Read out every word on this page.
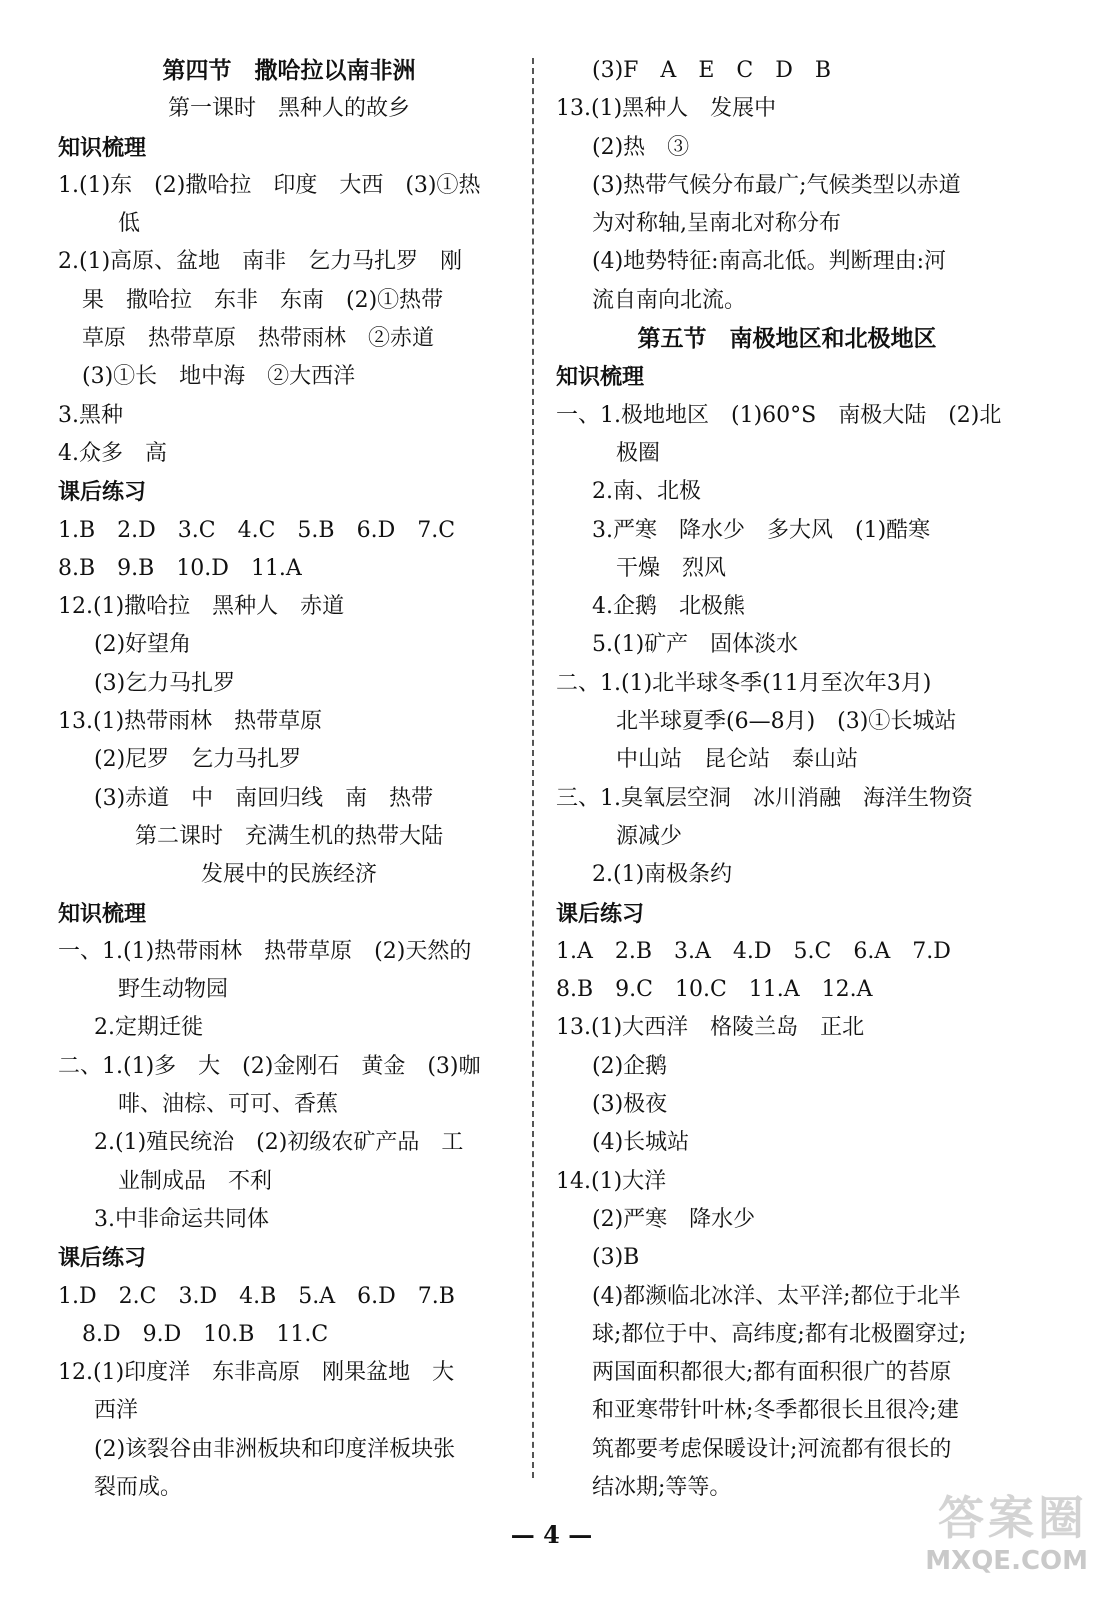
第四节　撒哈拉以南非洲
第一课时　黑种人的故乡
知识梳理
1.(1)东　(2)撒哈拉　印度　大西　(3)①热
低
2.(1)高原、盆地　南非　乞力马扎罗　刚
果　撒哈拉　东非　东南　(2)①热带
草原　热带草原　热带雨林　②赤道
(3)①长　地中海　②大西洋
3.黑种
4.众多　高
课后练习
1.B　2.D　3.C　4.C　5.B　6.D　7.C
8.B　9.B　10.D　11.A
12.(1)撒哈拉　黑种人　赤道
(2)好望角
(3)乞力马扎罗
13.(1)热带雨林　热带草原
(2)尼罗　乞力马扎罗
(3)赤道　中　南回归线　南　热带
第二课时　充满生机的热带大陆
发展中的民族经济
知识梳理
一、1.(1)热带雨林　热带草原　(2)天然的
野生动物园
2.定期迁徙
二、1.(1)多　大　(2)金刚石　黄金　(3)咖
啡、油棕、可可、香蕉
2.(1)殖民统治　(2)初级农矿产品　工
业制成品　不利
3.中非命运共同体
课后练习
1.D　2.C　3.D　4.B　5.A　6.D　7.B
8.D　9.D　10.B　11.C
12.(1)印度洋　东非高原　刚果盆地　大
西洋
(2)该裂谷由非洲板块和印度洋板块张
裂而成。
(3)F　A　E　C　D　B
13.(1)黑种人　发展中
(2)热　③
(3)热带气候分布最广;气候类型以赤道
为对称轴,呈南北对称分布
(4)地势特征:南高北低。判断理由:河
流自南向北流。
第五节　南极地区和北极地区
知识梳理
一、1.极地地区　(1)60°S　南极大陆　(2)北
极圈
2.南、北极
3.严寒　降水少　多大风　(1)酷寒
干燥　烈风
4.企鹅　北极熊
5.(1)矿产　固体淡水
二、1.(1)北半球冬季(11月至次年3月)
北半球夏季(6—8月)　(3)①长城站
中山站　昆仑站　泰山站
三、1.臭氧层空洞　冰川消融　海洋生物资
源减少
2.(1)南极条约
课后练习
1.A　2.B　3.A　4.D　5.C　6.A　7.D
8.B　9.C　10.C　11.A　12.A
13.(1)大西洋　格陵兰岛　正北
(2)企鹅
(3)极夜
(4)长城站
14.(1)大洋
(2)严寒　降水少
(3)B
(4)都濒临北冰洋、太平洋;都位于北半
球;都位于中、高纬度;都有北极圈穿过;
两国面积都很大;都有面积很广的苔原
和亚寒带针叶林;冬季都很长且很冷;建
筑都要考虑保暖设计;河流都有很长的
结冰期;等等。
答案圈
MXQE.COM
— 4 —
